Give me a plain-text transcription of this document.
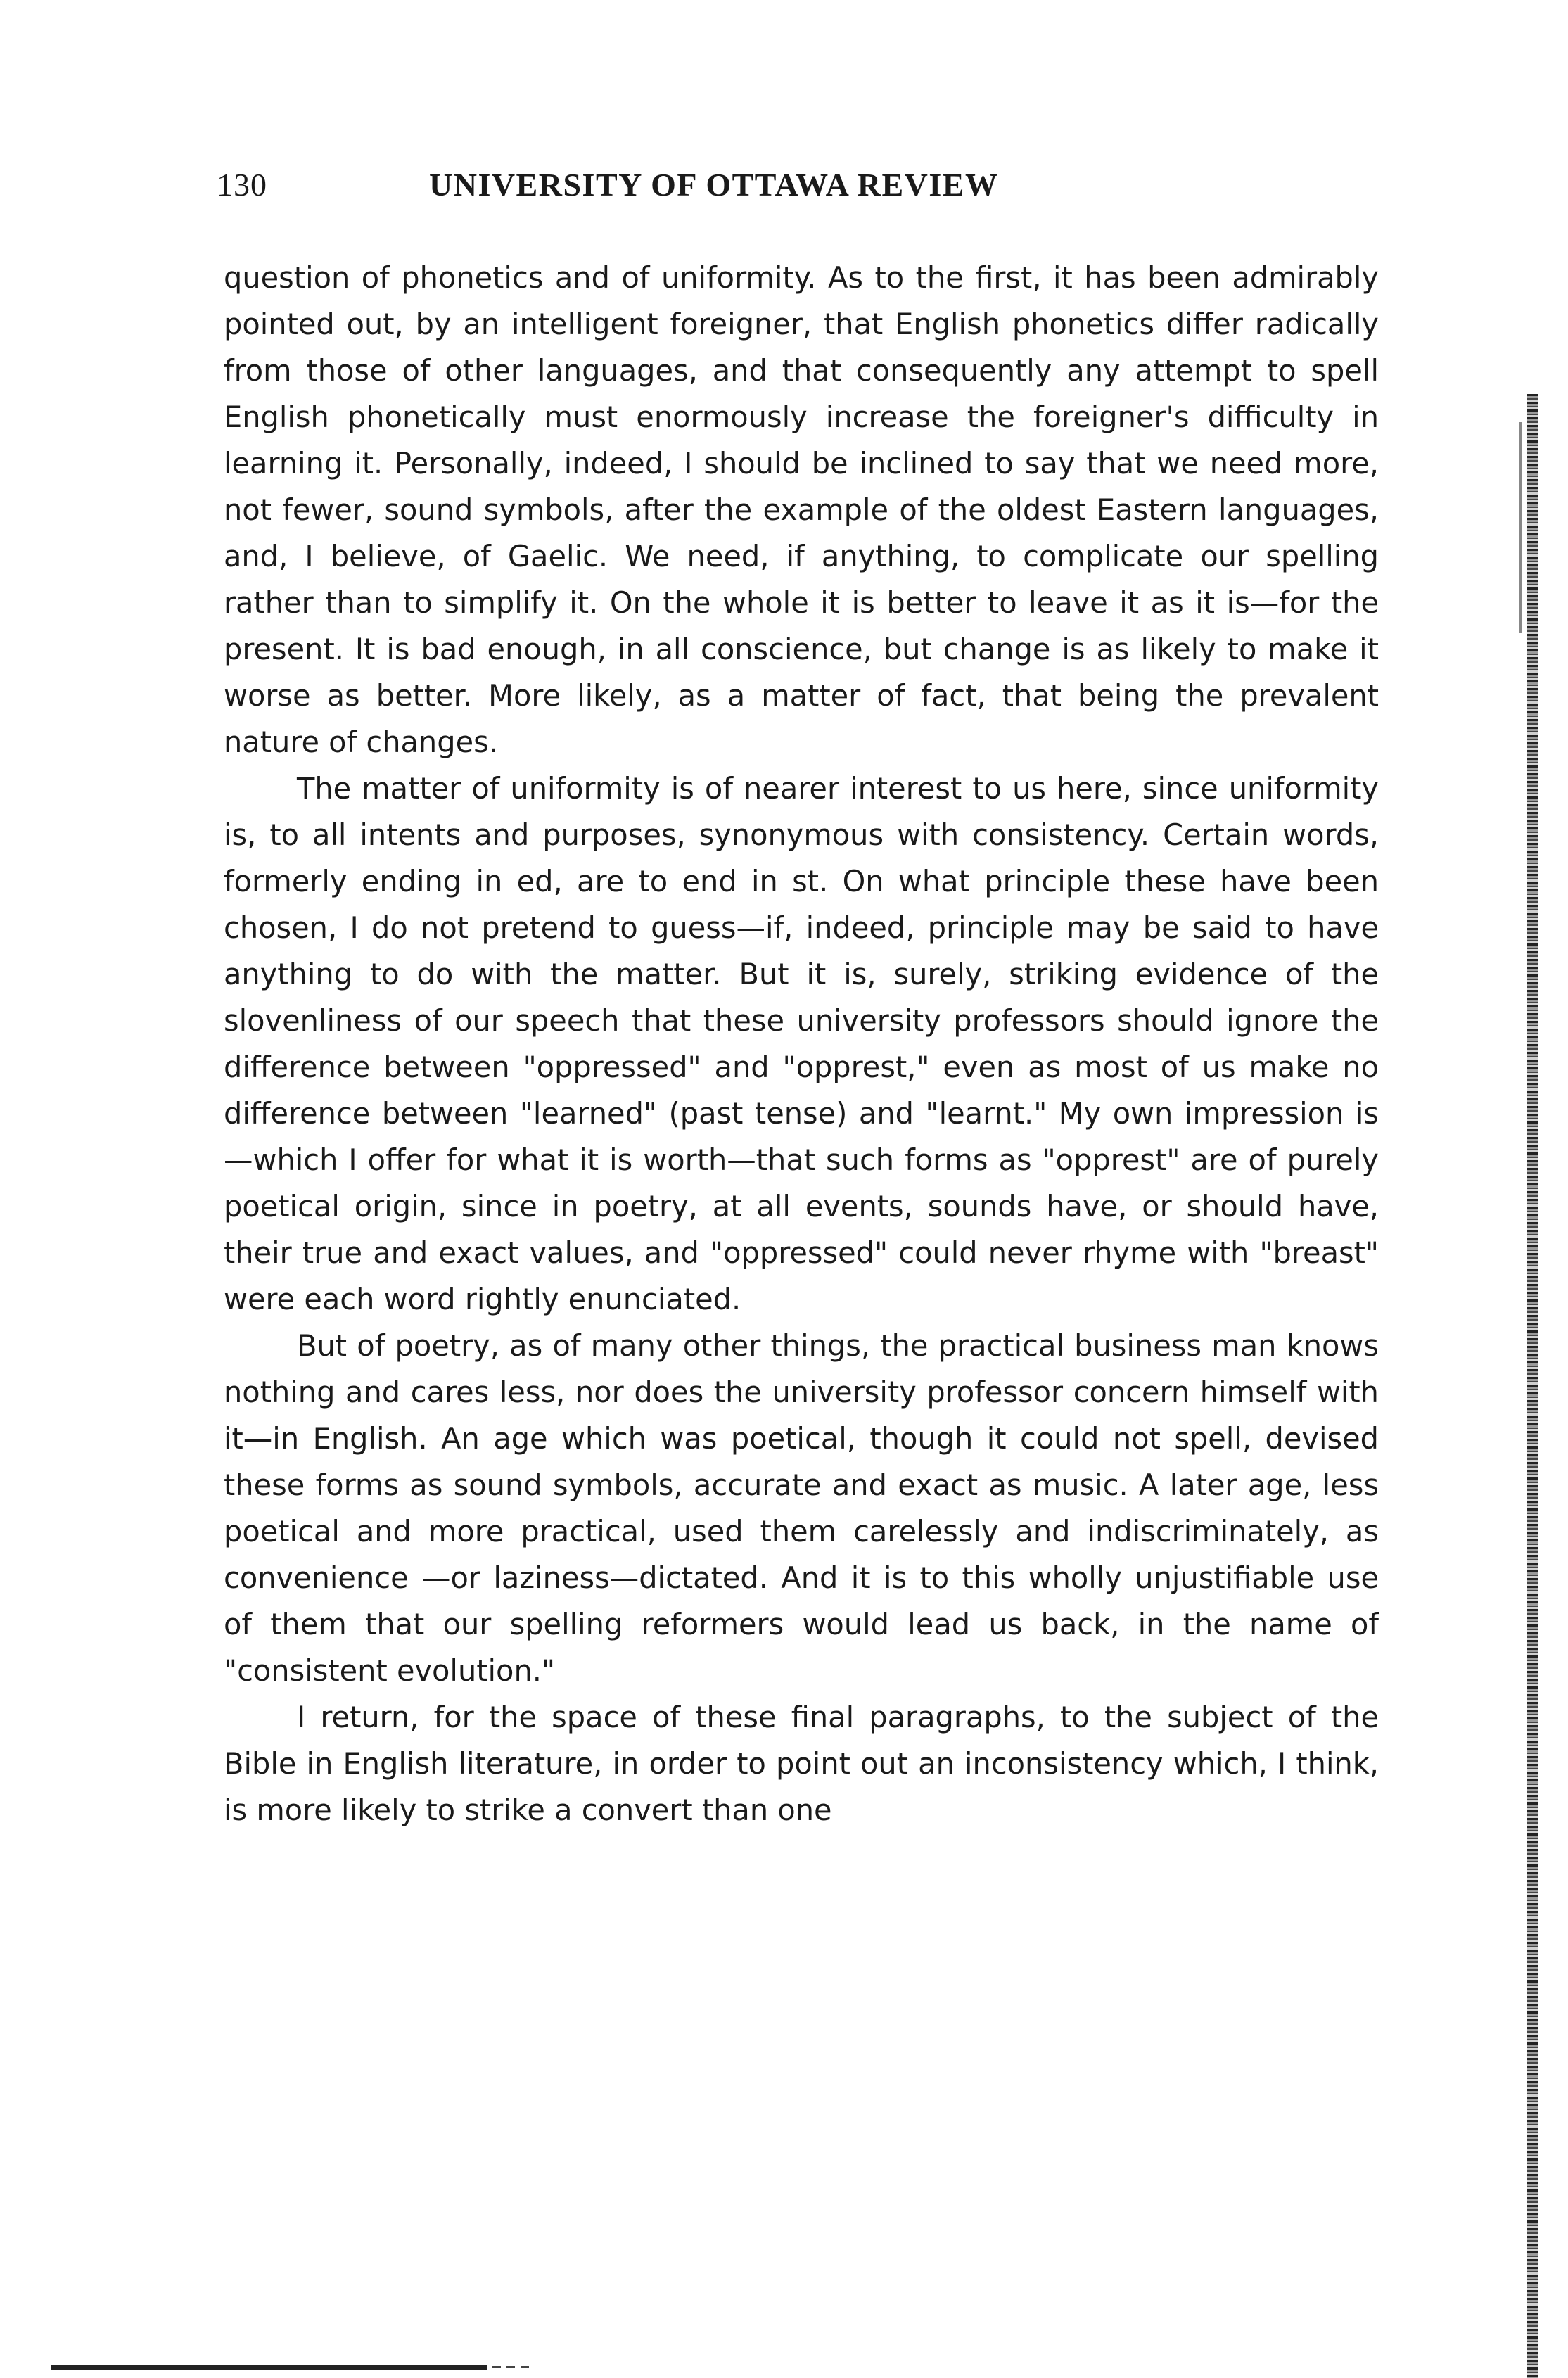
130	UNIVERSITY OF OTTAWA REVIEW

question of phonetics and of uniformity. As to the first, it has been admirably pointed out, by an intelligent foreigner, that English phonetics differ radically from those of other languages, and that consequently any attempt to spell English phonetically must enormously increase the foreigner's difficulty in learning it. Personally, indeed, I should be inclined to say that we need more, not fewer, sound symbols, after the example of the oldest Eastern languages, and, I believe, of Gaelic. We need, if anything, to complicate our spelling rather than to simplify it. On the whole it is better to leave it as it is—for the present. It is bad enough, in all conscience, but change is as likely to make it worse as better. More likely, as a matter of fact, that being the prevalent nature of changes.

The matter of uniformity is of nearer interest to us here, since uniformity is, to all intents and purposes, synonymous with consistency. Certain words, formerly ending in ed, are to end in st. On what principle these have been chosen, I do not pretend to guess—if, indeed, principle may be said to have anything to do with the matter. But it is, surely, striking evidence of the slovenliness of our speech that these university professors should ignore the difference between "oppressed" and "opprest," even as most of us make no difference between "learned" (past tense) and "learnt." My own impression is—which I offer for what it is worth—that such forms as "opprest" are of purely poetical origin, since in poetry, at all events, sounds have, or should have, their true and exact values, and "oppressed" could never rhyme with "breast" were each word rightly enunciated.

But of poetry, as of many other things, the practical business man knows nothing and cares less, nor does the university professor concern himself with it—in English. An age which was poetical, though it could not spell, devised these forms as sound symbols, accurate and exact as music. A later age, less poetical and more practical, used them carelessly and indiscriminately, as convenience —or laziness—dictated. And it is to this wholly unjustifiable use of them that our spelling reformers would lead us back, in the name of "consistent evolution."

I return, for the space of these final paragraphs, to the subject of the Bible in English literature, in order to point out an inconsistency which, I think, is more likely to strike a convert than one
